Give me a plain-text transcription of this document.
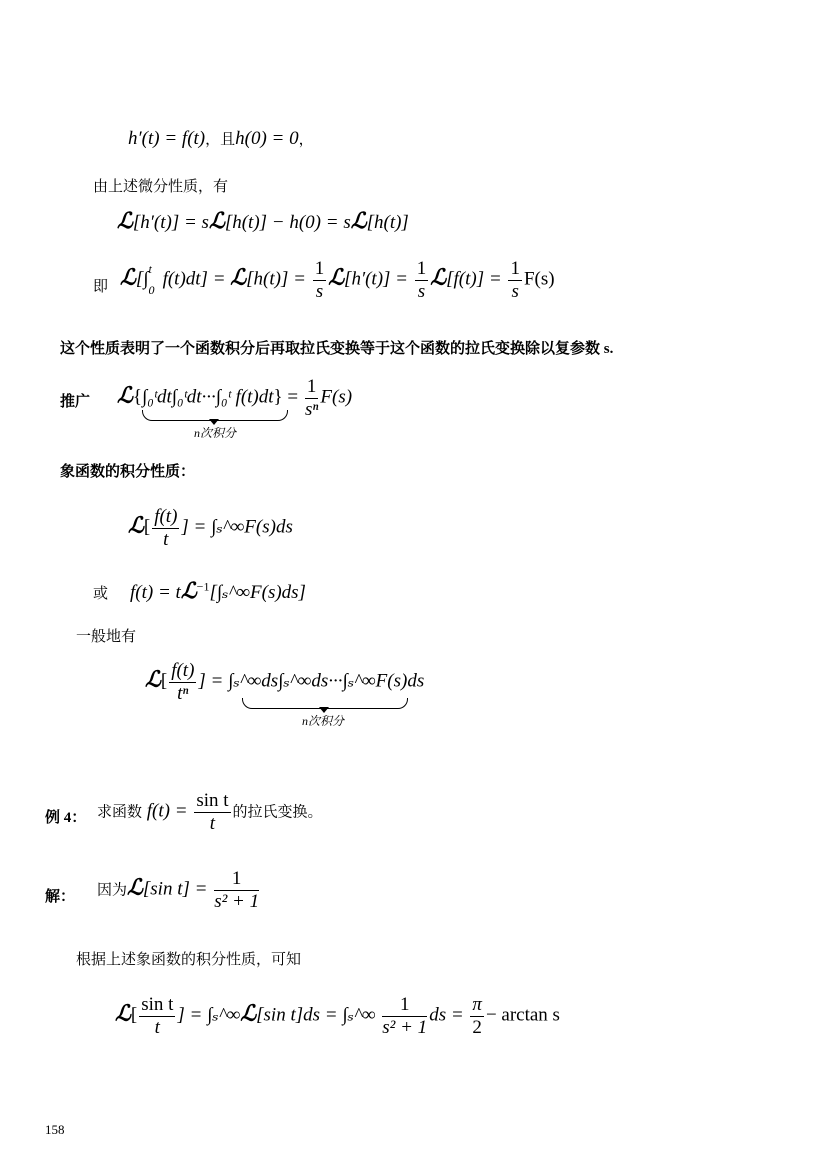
h′(t) = f(t)，且h(0) = 0，
由上述微分性质，有
ℒ[h′(t)] = sℒ[h(t)] − h(0) = sℒ[h(t)]
即 $ℒ[\int_0^t$ f(t)dt] = ℒ[h(t)] = $\frac{1}{s}$ ℒ[h′(t)] = $\frac{1}{s}$ ℒ[f(t)] = $\frac{1}{s} F(s)$
这个性质表明了一个函数积分后再取拉氏变换等于这个函数的拉氏变换除以复参数 s.
推广 ℒ{∫₀ᵗdt∫₀ᵗdt···∫₀ᵗ $f(t)dt\} = \frac{1}{\text{sⁿ}} F(s)$
n次积分
象函数的积分性质：
ℒ[ $\frac{f(t)}{t}$ ] = ∫ₛ^∞F(s)ds
或 f(t) = tℒ$^{-1}$[∫ₛ^∞F(s)ds]
一般地有
ℒ[ $\frac{f(t)}{\text{tⁿ}}$ ] = ∫ₛ^∞ds∫ₛ^∞ds···∫ₛ^∞F(s)ds
n次积分
例 4： 求函数 $f(t) = \frac{\text{sin t}}{t}$ 的拉氏变换。
解： 因为ℒ[sin $t] = \frac{1}{\text{s² + 1}}$
根据上述象函数的积分性质，可知
ℒ[ $\frac{\text{sin t}}{t}$ ] = ∫ₛ^∞ℒ[sin t]ds = ∫ₛ^∞ $\frac{1}{\text{s² + 1}}$ ds = $\frac{\pi}{2} - \arctan s$
158
